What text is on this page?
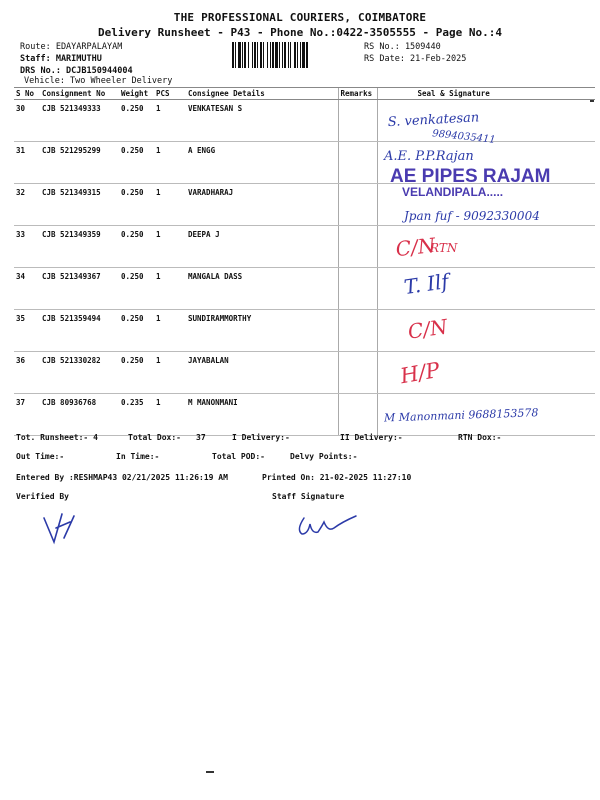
THE PROFESSIONAL COURIERS, COIMBATORE
Delivery Runsheet - P43 - Phone No.:0422-3505555 - Page No.:4
Route: EDAYARPALAYAM
Staff: MARIMUTHU
DRS No.: DCJB150944004
Vehicle: Two Wheeler Delivery
RS No.: 1509440
RS Date: 21-Feb-2025
S No	Consignment No	Weight	PCS	Consignee Details	Remarks	Seal & Signature
30	CJB 521349333	0.250	1	VENKATESAN S		
31	CJB 521295299	0.250	1	A ENGG		
32	CJB 521349315	0.250	1	VARADHARAJ		
33	CJB 521349359	0.250	1	DEEPA J		
34	CJB 521349367	0.250	1	MANGALA DASS		
35	CJB 521359494	0.250	1	SUNDIRAMMORTHY		
36	CJB 521330282	0.250	1	JAYABALAN		
37	CJB 80936768	0.235	1	M MANONMANI		
S. venkatesan
9894035411
A.E. P.P.Rajan
AE PIPES RAJAM
VELANDIPALA.....
Jpan fuf - 9092330004
C/N
RTN
T. Ilf
C/N
H/P
M Manonmani 9688153578
Tot. Runsheet:- 4	Total Dox:- 37	I Delivery:-	II Delivery:-	RTN Dox:-
Out Time:-	In Time:-	Total POD:-	Delvy Points:-
Entered By :RESHMAP43 02/21/2025 11:26:19 AM	Printed On: 21-02-2025 11:27:10
Verified By	Staff Signature
